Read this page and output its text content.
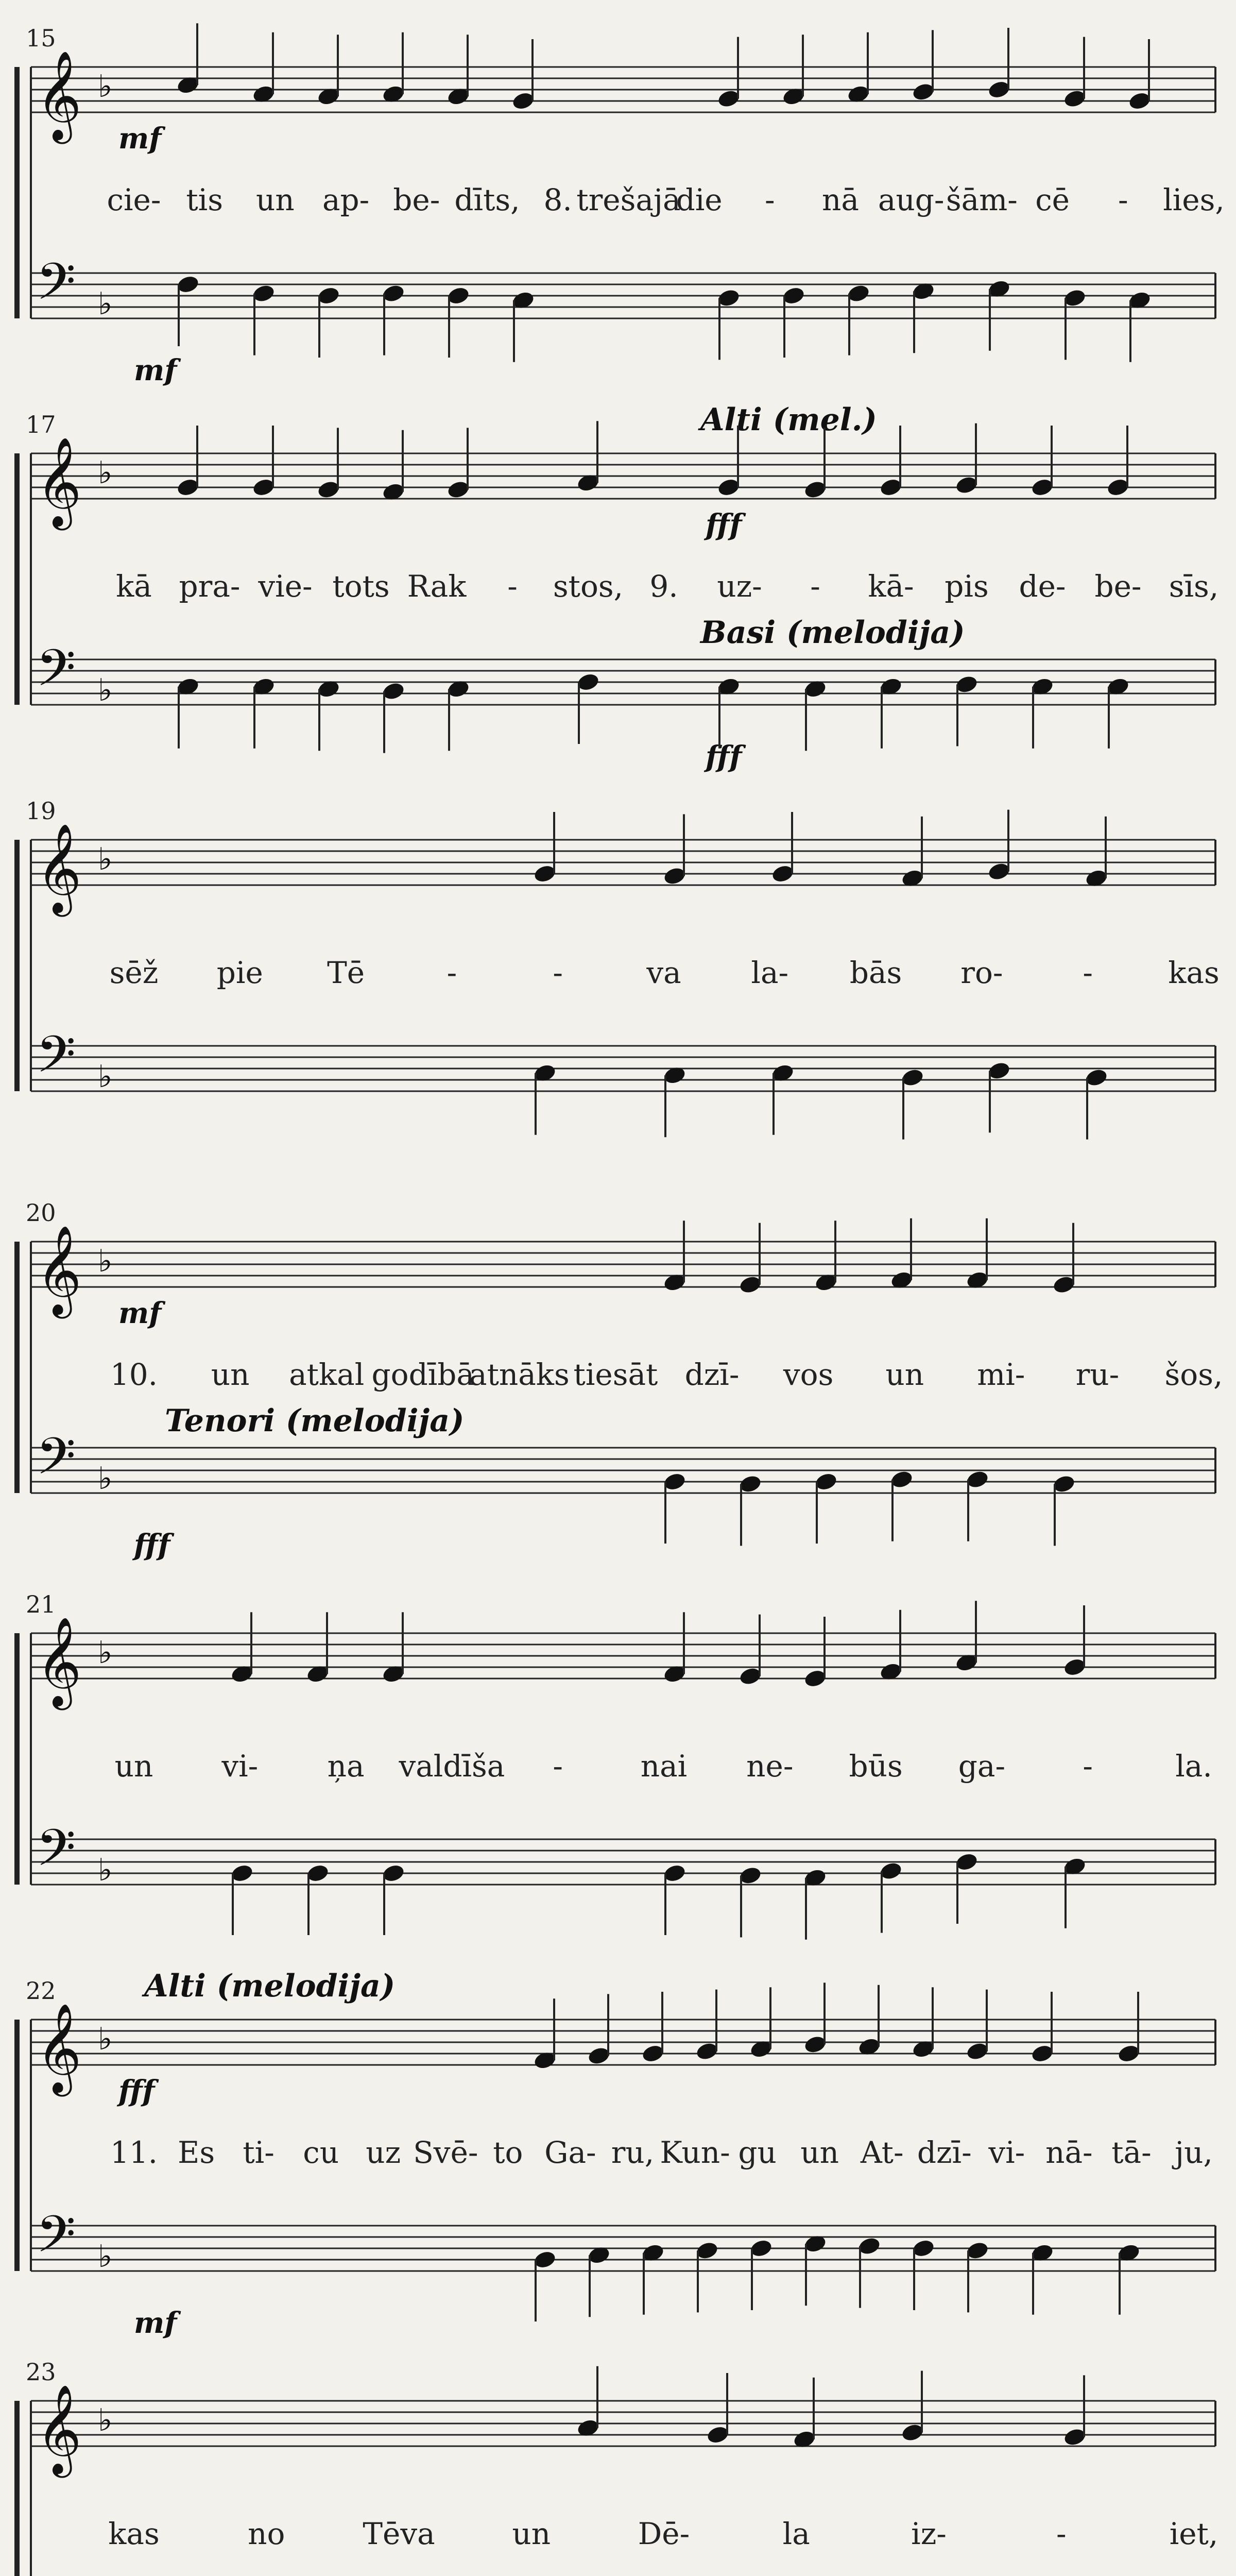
15
𝄞
𝄢
♭
♭
mf
mf
cie- tis un ap- be- dīts, 8. trešajā
die - nā aug- šām- cē - lies,
17
𝄞
𝄢
♭
♭
Alti (mel.)
Basi (melodija)
fff
fff
kā pra- vie- tots Rak - stos, 9. uz- - kā- pis de- be- sīs,
19
𝄞
𝄢
♭
♭
sēž pie Tē	-	-	va la- bās ro-	-	kas
20
𝄞
𝄢
♭
♭
Tenori (melodija)
mf
fff
10. un atkal godībā
atnāks tiesāt dzī- vos un mi- ru- šos,
21
𝄞
𝄢
♭
♭
un vi- ņa valdīša -	nai ne- būs ga-	-	la.
22
𝄞
𝄢
♭
♭
Alti (melodija)
fff
mf
11. Es ti- cu uz Svē- to Ga- ru, Kun- gu un At- dzī- vi- nā- tā- ju,
23
𝄞 ♭
kas	no	Tēva	un	Dē-	la	iz-	-	iet,
